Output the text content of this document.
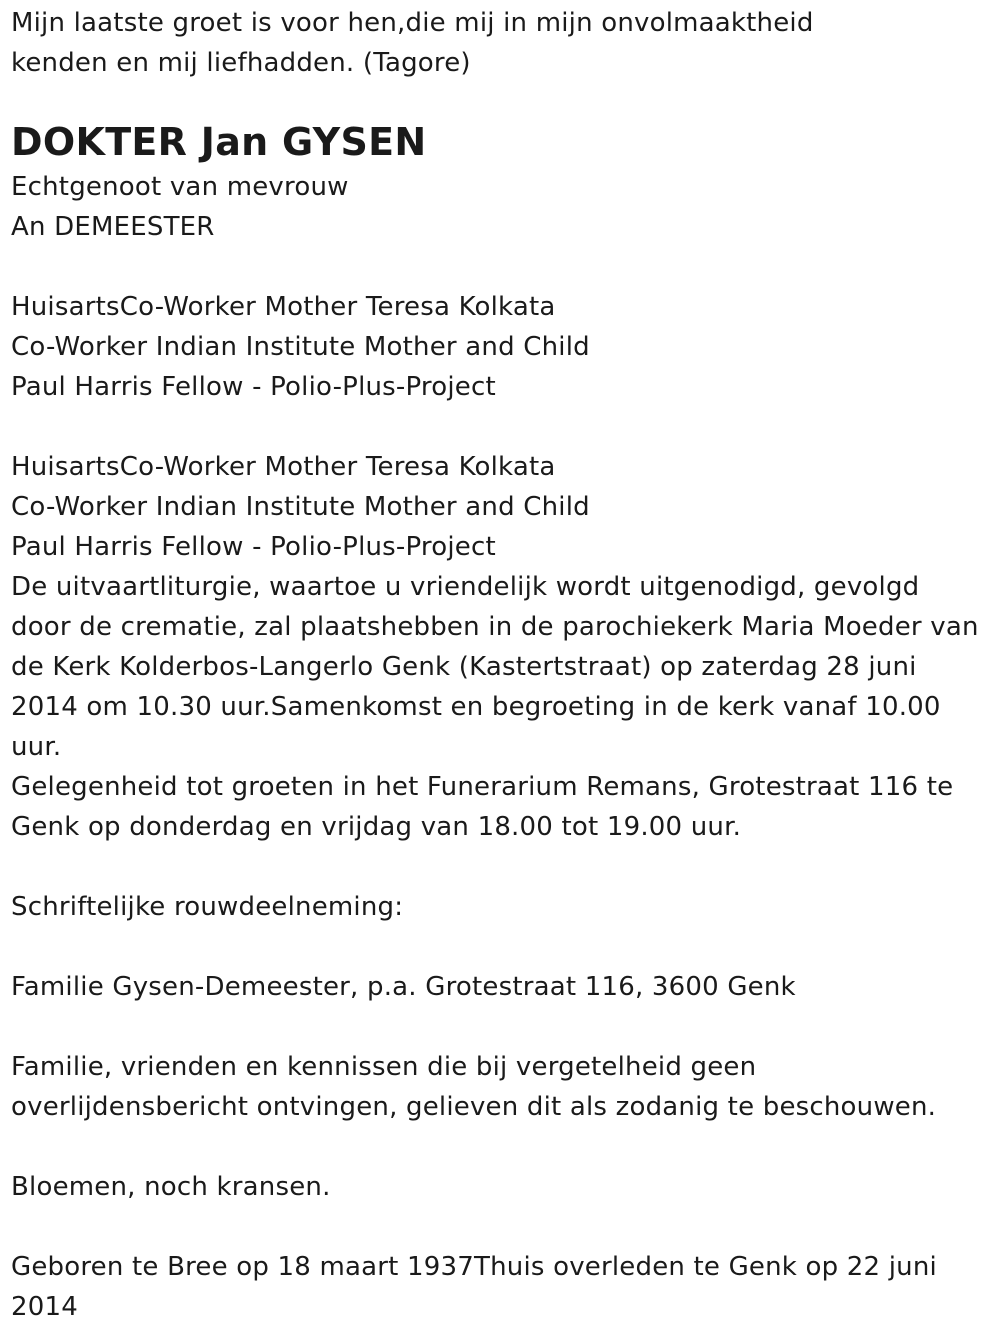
Mijn laatste groet is voor hen,die mij in mijn onvolmaaktheid
kenden en mij liefhadden. (Tagore)
DOKTER Jan GYSEN
Echtgenoot van mevrouw
An DEMEESTER
HuisartsCo-Worker Mother Teresa Kolkata
Co-Worker Indian Institute Mother and Child
Paul Harris Fellow - Polio-Plus-Project
HuisartsCo-Worker Mother Teresa Kolkata
Co-Worker Indian Institute Mother and Child
Paul Harris Fellow - Polio-Plus-Project
De uitvaartliturgie, waartoe u vriendelijk wordt uitgenodigd, gevolgd
door de crematie, zal plaatshebben in de parochiekerk Maria Moeder van
de Kerk Kolderbos-Langerlo Genk (Kastertstraat) op zaterdag 28 juni
2014 om 10.30 uur.Samenkomst en begroeting in de kerk vanaf 10.00
uur.
Gelegenheid tot groeten in het Funerarium Remans, Grotestraat 116 te
Genk op donderdag en vrijdag van 18.00 tot 19.00 uur.
Schriftelijke rouwdeelneming:
Familie Gysen-Demeester, p.a. Grotestraat 116, 3600 Genk
Familie, vrienden en kennissen die bij vergetelheid geen
overlijdensbericht ontvingen, gelieven dit als zodanig te beschouwen.
Bloemen, noch kransen.
Geboren te Bree op 18 maart 1937Thuis overleden te Genk op 22 juni
2014
